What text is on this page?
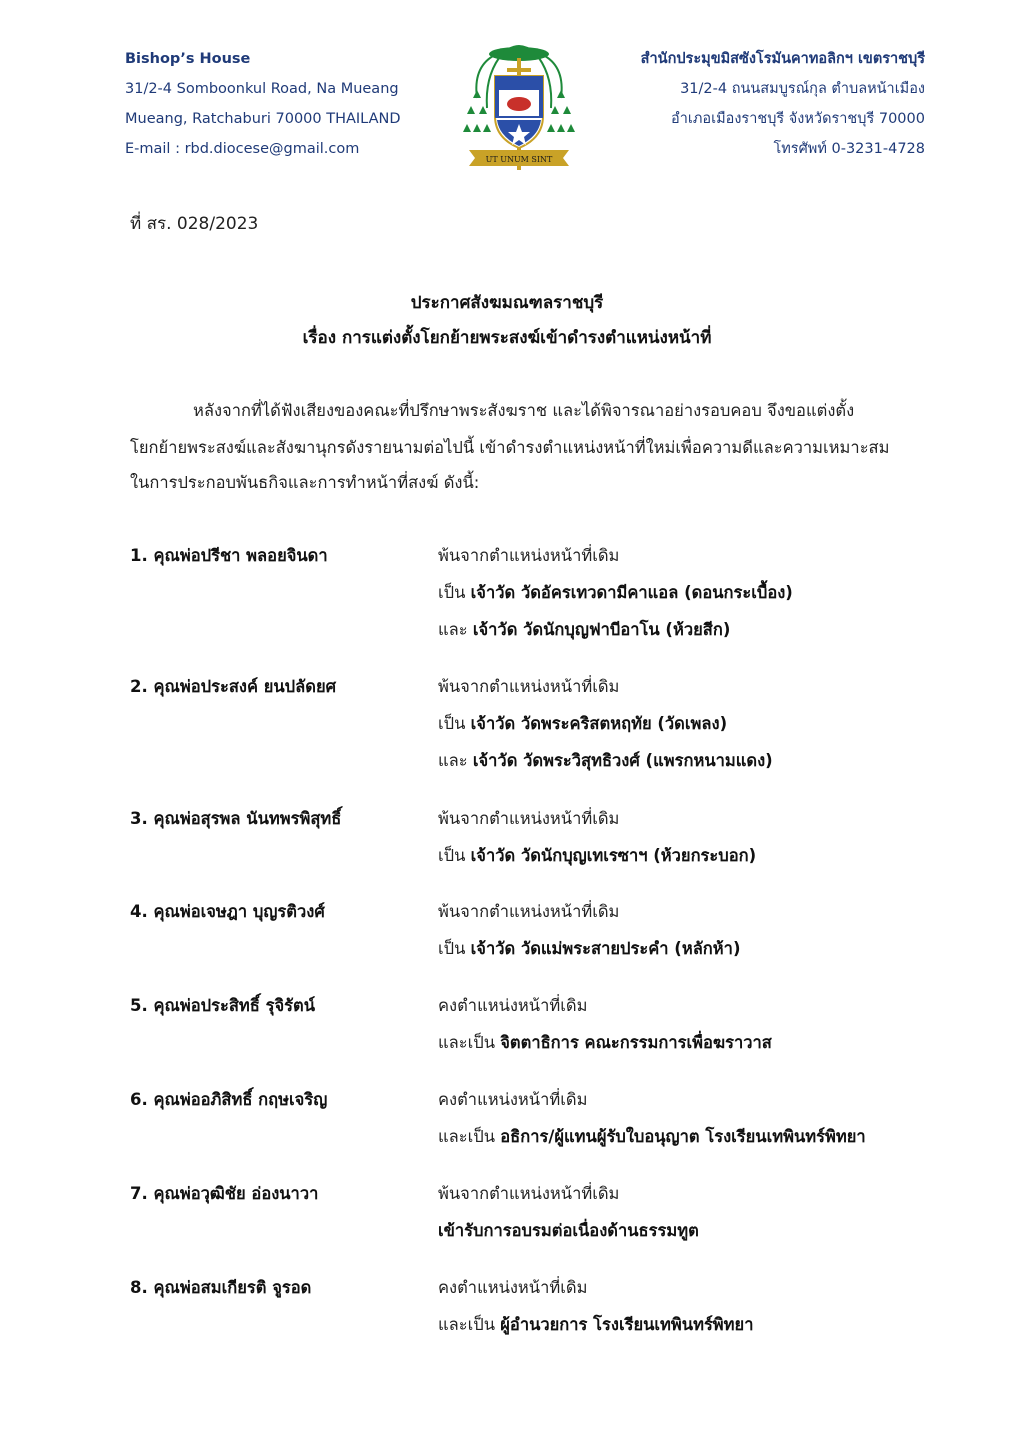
Bishop’s House
31/2-4 Somboonkul Road, Na Mueang
Mueang, Ratchaburi 70000 THAILAND
E-mail : rbd.diocese@gmail.com
UT UNUM SINT
สำนักประมุขมิสซังโรมันคาทอลิกฯ เขตราชบุรี
31/2-4 ถนนสมบูรณ์กุล ตำบลหน้าเมือง
อำเภอเมืองราชบุรี จังหวัดราชบุรี 70000
โทรศัพท์ 0-3231-4728
ที่ สร. 028/2023
ประกาศสังฆมณฑลราชบุรี
เรื่อง การแต่งตั้งโยกย้ายพระสงฆ์เข้าดำรงตำแหน่งหน้าที่
หลังจากที่ได้ฟังเสียงของคณะที่ปรึกษาพระสังฆราช และได้พิจารณาอย่างรอบคอบ จึงขอแต่งตั้ง
โยกย้ายพระสงฆ์และสังฆานุกรดังรายนามต่อไปนี้ เข้าดำรงตำแหน่งหน้าที่ใหม่เพื่อความดีและความเหมาะสม
ในการประกอบพันธกิจและการทำหน้าที่สงฆ์ ดังนี้:
1. คุณพ่อปรีชา พลอยจินดา	พ้นจากตำแหน่งหน้าที่เดิม
เป็น เจ้าวัด วัดอัครเทวดามีคาแอล (ดอนกระเบื้อง)
และ เจ้าวัด วัดนักบุญฟาบีอาโน (ห้วยสีก)
2. คุณพ่อประสงค์ ยนปลัดยศ	พ้นจากตำแหน่งหน้าที่เดิม
เป็น เจ้าวัด วัดพระคริสตหฤทัย (วัดเพลง)
และ เจ้าวัด วัดพระวิสุทธิวงศ์ (แพรกหนามแดง)
3. คุณพ่อสุรพล นันทพรพิสุทธิ์	พ้นจากตำแหน่งหน้าที่เดิม
เป็น เจ้าวัด วัดนักบุญเทเรซาฯ (ห้วยกระบอก)
4. คุณพ่อเจษฎา บุญรติวงศ์	พ้นจากตำแหน่งหน้าที่เดิม
เป็น เจ้าวัด วัดแม่พระสายประคำ (หลักห้า)
5. คุณพ่อประสิทธิ์ รุจิรัตน์	คงตำแหน่งหน้าที่เดิม
และเป็น จิตตาธิการ คณะกรรมการเพื่อฆราวาส
6. คุณพ่ออภิสิทธิ์ กฤษเจริญ	คงตำแหน่งหน้าที่เดิม
และเป็น อธิการ/ผู้แทนผู้รับใบอนุญาต โรงเรียนเทพินทร์พิทยา
7. คุณพ่อวุฒิชัย อ่องนาวา	พ้นจากตำแหน่งหน้าที่เดิม
เข้ารับการอบรมต่อเนื่องด้านธรรมทูต
8. คุณพ่อสมเกียรติ จูรอด	คงตำแหน่งหน้าที่เดิม
และเป็น ผู้อำนวยการ โรงเรียนเทพินทร์พิทยา
